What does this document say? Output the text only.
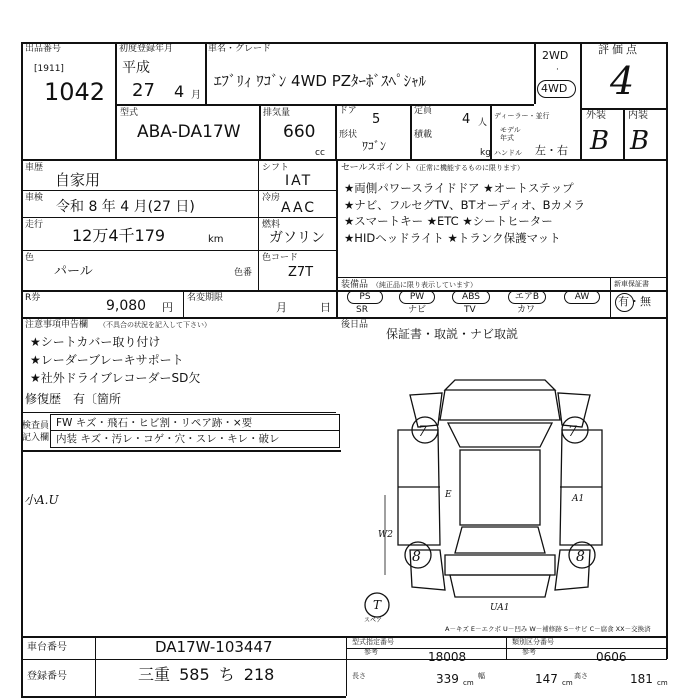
出品番号
[1911]
1042
初度登録年月
平成
27 4 月
車名・グレード
ｴﾌﾞﾘｨ ﾜｺﾞﾝ 4WD PZﾀｰﾎﾞｽﾍﾟｼｬﾙ
2WD
·
4WD
評価点
4
外装 内装
B B
型式
ABA-DA17W
排気量
660
cc
ドア
5
形状
ﾜｺﾞﾝ
定員
4 人
積載
kg
ディーラー・並行
モデル年式
ハンドル 左・右
車歴
自家用
シフト
IAT
車検
令和 8 年 4 月(27 日)
冷房
AAC
走行
12万4千179	km
燃料
ガソリン
色
パール	色番
色コード
Z7T
R券	9,080 円
名変期限
月	日
セールスポイント （正常に機能するものに限ります）
★両側パワースライドドア ★オートステップ
★ナビ、フルセグTV、BTオーディオ、Bカメラ
★スマートキー ★ETC ★シートヒーター
★HIDヘッドライト ★トランク保護マット
装備品 （純正品に限り表示しています）
PS	PW	ABS	エアB	AW
SR	ナビ	TV	カワ
新車保証書
有・無
後日品
保証書・取説・ナビ取説
注意事項申告欄 （不具合の状況を記入して下さい）
★シートカバー取り付け
★レーダーブレーキサポート
★社外ドライブレコーダーSD欠
修復歴 有〔箇所
検査員記入欄
FW キズ・飛石・ヒビ割・リペア跡・×要
内装 キズ・汚レ・コゲ・穴・スレ・キレ・破レ
小A.U
7	7
8	8
E	A1
W2
UA1
T
スペア
A－キズ E－エクボ U－凹み W－補修跡 S－サビ C－腐食 XX－交換済
車台番号	DA17W-103447
登録番号	三重 585 ち 218
型式指定番号
参考	18008
類別区分番号
参考	0606
長さ	339 cm
幅	147 cm
高さ	181 cm
